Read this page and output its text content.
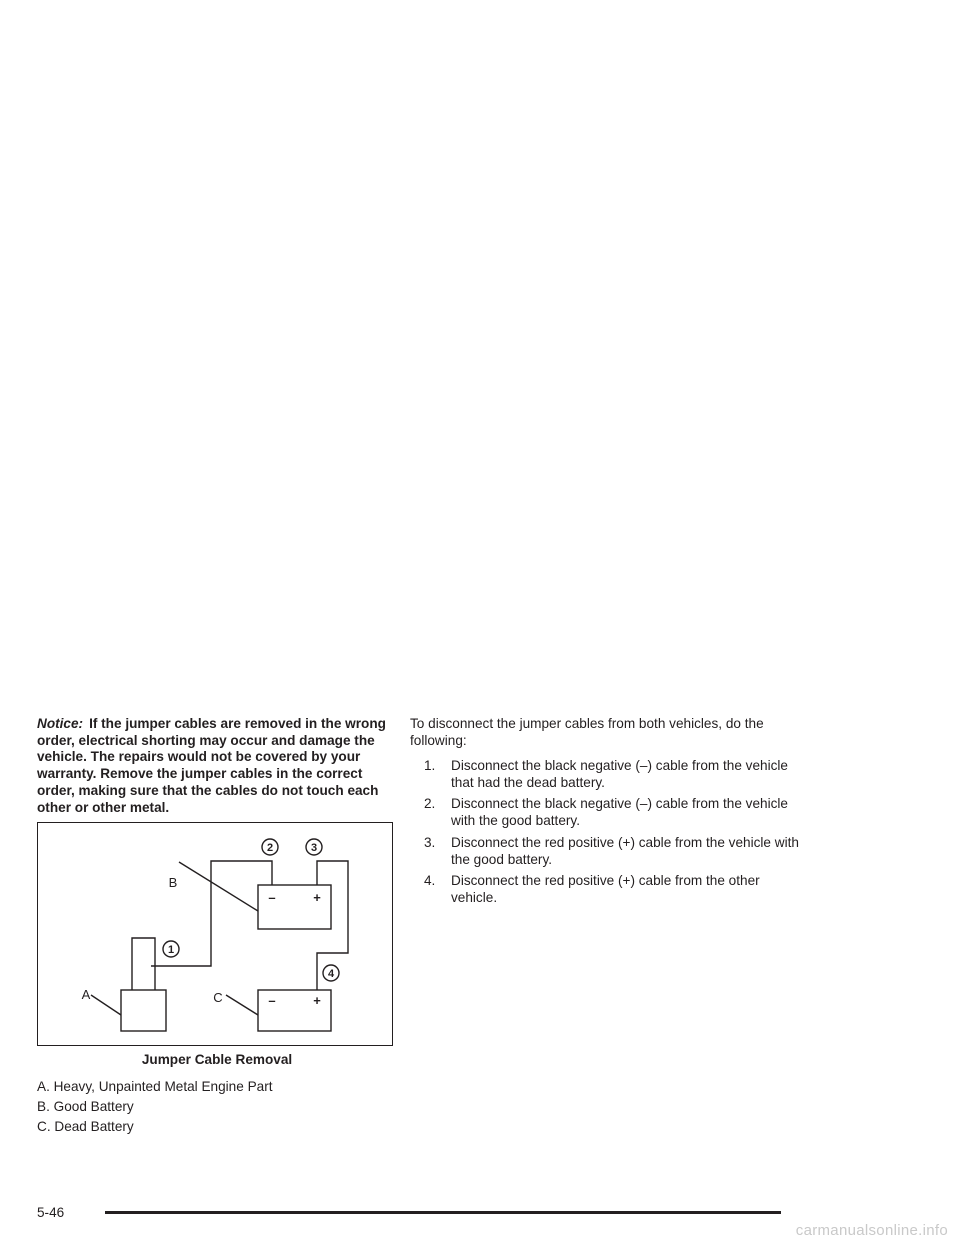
Notice: If the jumper cables are removed in the wrong order, electrical shorting may occur and damage the vehicle. The repairs would not be covered by your warranty. Remove the jumper cables in the correct order, making sure that the cables do not touch each other or other metal.

–	+
–	+
A
B
C
1
2	3
4

Jumper Cable Removal

A. Heavy, Unpainted Metal Engine Part
B. Good Battery
C. Dead Battery

To disconnect the jumper cables from both vehicles, do the following:

1.	Disconnect the black negative (–) cable from the vehicle that had the dead battery.
2.	Disconnect the black negative (–) cable from the vehicle with the good battery.
3.	Disconnect the red positive (+) cable from the vehicle with the good battery.
4.	Disconnect the red positive (+) cable from the other vehicle.

5-46

carmanualsonline.info
